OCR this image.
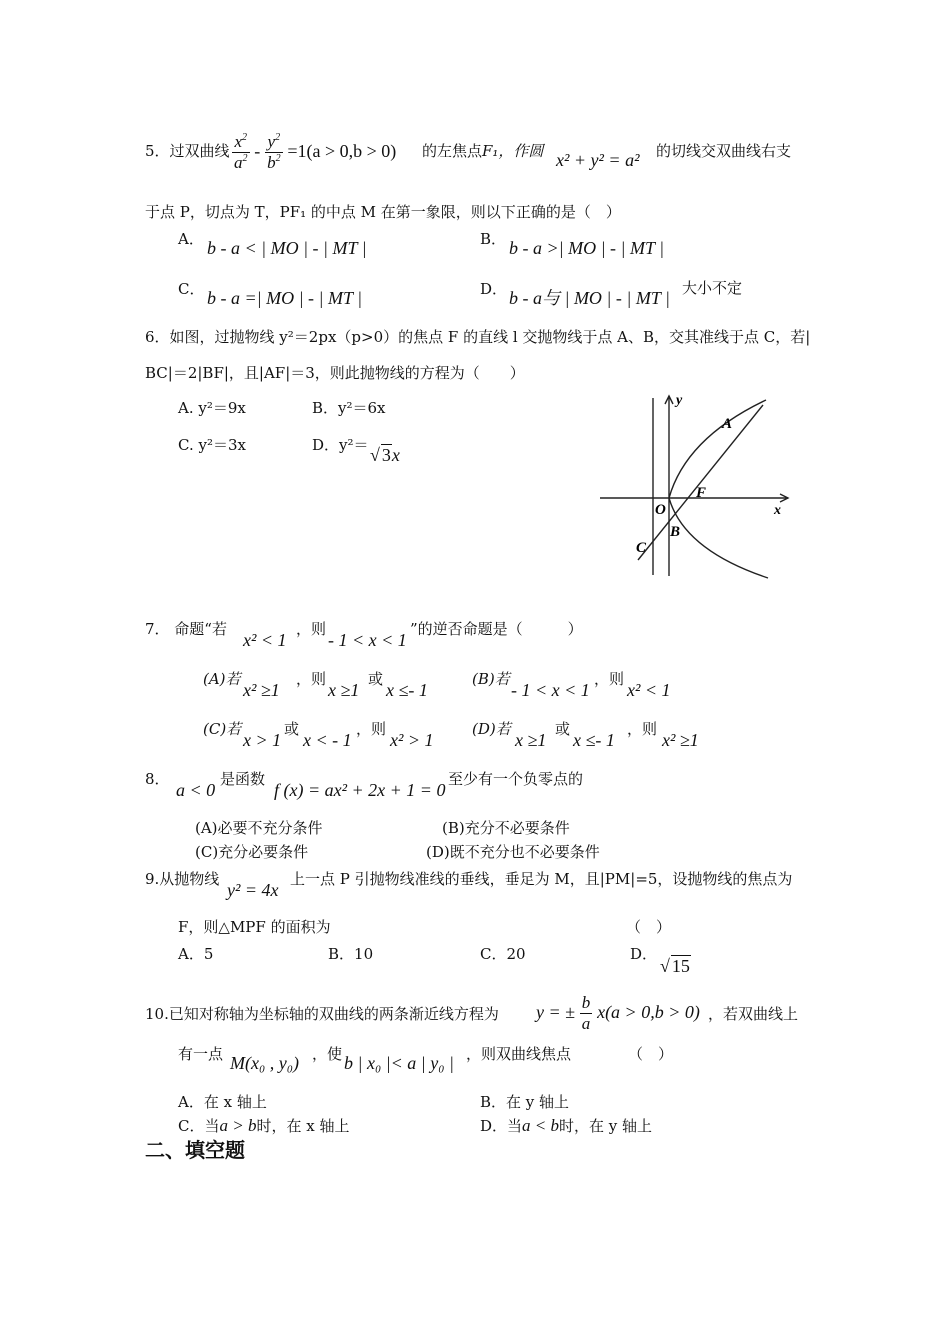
5．过双曲线 $\frac{x^2}{a^2} - \frac{y^2}{b^2} =1(a > 0,b > 0)$ 的左焦点F₁，作圆 x² + y² = a² 的切线交双曲线右支
于点 P，切点为 T，PF₁ 的中点 M 在第一象限，则以下正确的是（　）
A． b - a < | MO | - | MT |	B． b - a >| MO | - | MT |
C． b - a =| MO | - | MT |	D． b - a与 | MO | - | MT | 大小不定
6．如图，过抛物线 y²＝2px（p>0）的焦点 F 的直线 l 交抛物线于点 A、B，交其准线于点 C，若|
BC|＝2|BF|，且|AF|＝3，则此抛物线的方程为（　　）
A. y²＝9x	B．y²＝6x
C. y²＝3x	D．y²＝ √ 3x
y
x
A
F
O
B
C
7． 命题“若
x² < 1
，则
- 1 < x < 1
”的逆否命题是（　　　）
(A)若
x² ≥1
，则
x ≥1
或
x ≤- 1
(B)若
- 1 < x < 1
，则
x² < 1
(C)若
x > 1
或
x < - 1
，则
x² > 1
(D)若
x ≥1
或
x ≤- 1
，则
x² ≥1
8．
a < 0
是函数
f (x) = ax² + 2x + 1 = 0
至少有一个负零点的
(A)必要不充分条件	(B)充分不必要条件
(C)充分必要条件	(D)既不充分也不必要条件
9.从抛物线
y² = 4x
上一点 P 引抛物线准线的垂线，垂足为 M，且|PM|=5，设抛物线的焦点为
F，则△MPF 的面积为	（　）
A．5	B．10	C．20	D．
√ 15
10.已知对称轴为坐标轴的双曲线的两条渐近线方程为 y = ± $\frac{b}{a} x(a > 0,b > 0)$ ，若双曲线上
有一点 M(x₀ , y₀) ，使 b | x₀ |< a | y₀ | ，则双曲线焦点	（　）
A．在 x 轴上	B．在 y 轴上
C．当a > b时，在 x 轴上	D．当a < b时，在 y 轴上
二、填空题
